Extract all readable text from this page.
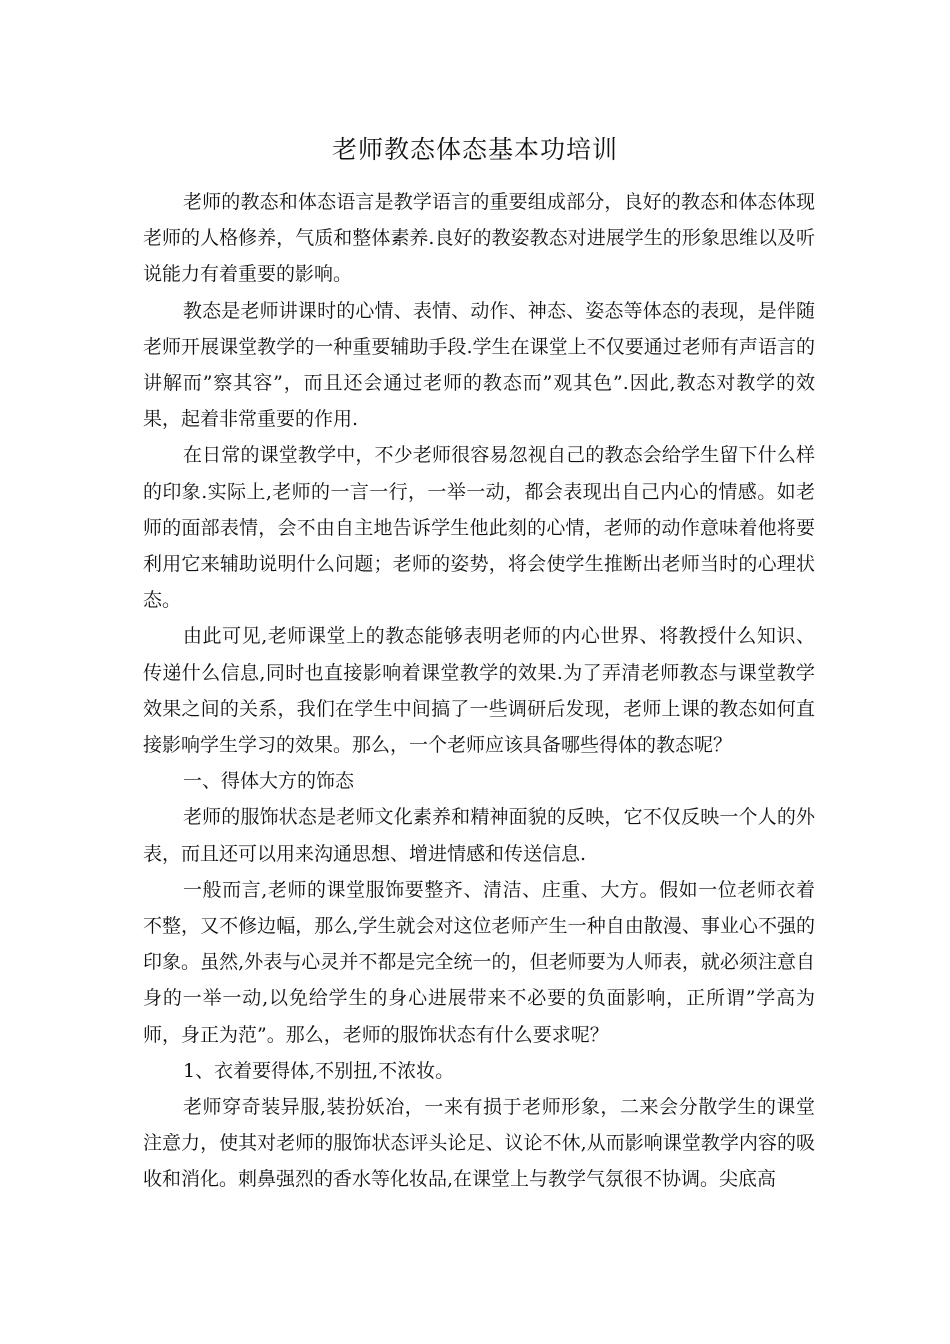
老师教态体态基本功培训

老师的教态和体态语言是教学语言的重要组成部分，良好的教态和体态体现老师的人格修养，气质和整体素养.良好的教姿教态对进展学生的形象思维以及听说能力有着重要的影响。

教态是老师讲课时的心情、表情、动作、神态、姿态等体态的表现，是伴随老师开展课堂教学的一种重要辅助手段.学生在课堂上不仅要通过老师有声语言的讲解而”察其容”，而且还会通过老师的教态而”观其色”.因此,教态对教学的效果，起着非常重要的作用.

在日常的课堂教学中，不少老师很容易忽视自己的教态会给学生留下什么样的印象.实际上,老师的一言一行，一举一动，都会表现出自己内心的情感。如老师的面部表情，会不由自主地告诉学生他此刻的心情，老师的动作意味着他将要利用它来辅助说明什么问题；老师的姿势，将会使学生推断出老师当时的心理状态。

由此可见,老师课堂上的教态能够表明老师的内心世界、将教授什么知识、传递什么信息,同时也直接影响着课堂教学的效果.为了弄清老师教态与课堂教学效果之间的关系，我们在学生中间搞了一些调研后发现，老师上课的教态如何直接影响学生学习的效果。那么，一个老师应该具备哪些得体的教态呢？

一、得体大方的饰态

老师的服饰状态是老师文化素养和精神面貌的反映，它不仅反映一个人的外表，而且还可以用来沟通思想、增进情感和传送信息.

一般而言,老师的课堂服饰要整齐、清洁、庄重、大方。假如一位老师衣着不整，又不修边幅，那么,学生就会对这位老师产生一种自由散漫、事业心不强的印象。虽然,外表与心灵并不都是完全统一的，但老师要为人师表，就必须注意自身的一举一动,以免给学生的身心进展带来不必要的负面影响，正所谓”学高为师，身正为范”。那么，老师的服饰状态有什么要求呢？

1、衣着要得体,不别扭,不浓妆。

老师穿奇装异服,装扮妖冶，一来有损于老师形象，二来会分散学生的课堂注意力，使其对老师的服饰状态评头论足、议论不休,从而影响课堂教学内容的吸收和消化。刺鼻强烈的香水等化妆品,在课堂上与教学气氛很不协调。尖底高
